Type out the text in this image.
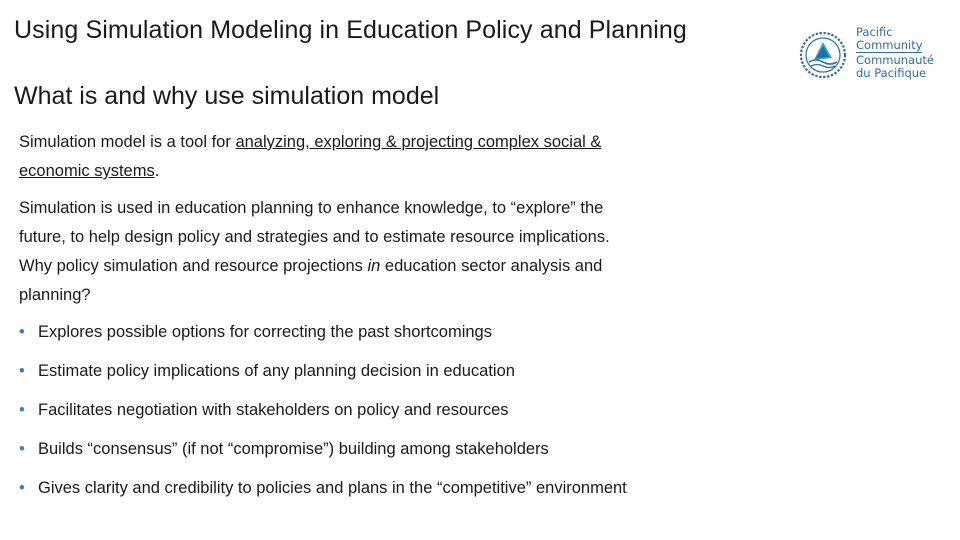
Using Simulation Modeling in Education Policy and Planning	Pacific
Community
Communauté
du Pacifique
What is and why use simulation model

Simulation model is a tool for analyzing, exploring & projecting complex social &
economic systems.

Simulation is used in education planning to enhance knowledge, to “explore” the
future, to help design policy and strategies and to estimate resource implications.
Why policy simulation and resource projections in education sector analysis and
planning?

• Explores possible options for correcting the past shortcomings
• Estimate policy implications of any planning decision in education
• Facilitates negotiation with stakeholders on policy and resources
• Builds “consensus” (if not “compromise”) building among stakeholders
• Gives clarity and credibility to policies and plans in the “competitive” environment
